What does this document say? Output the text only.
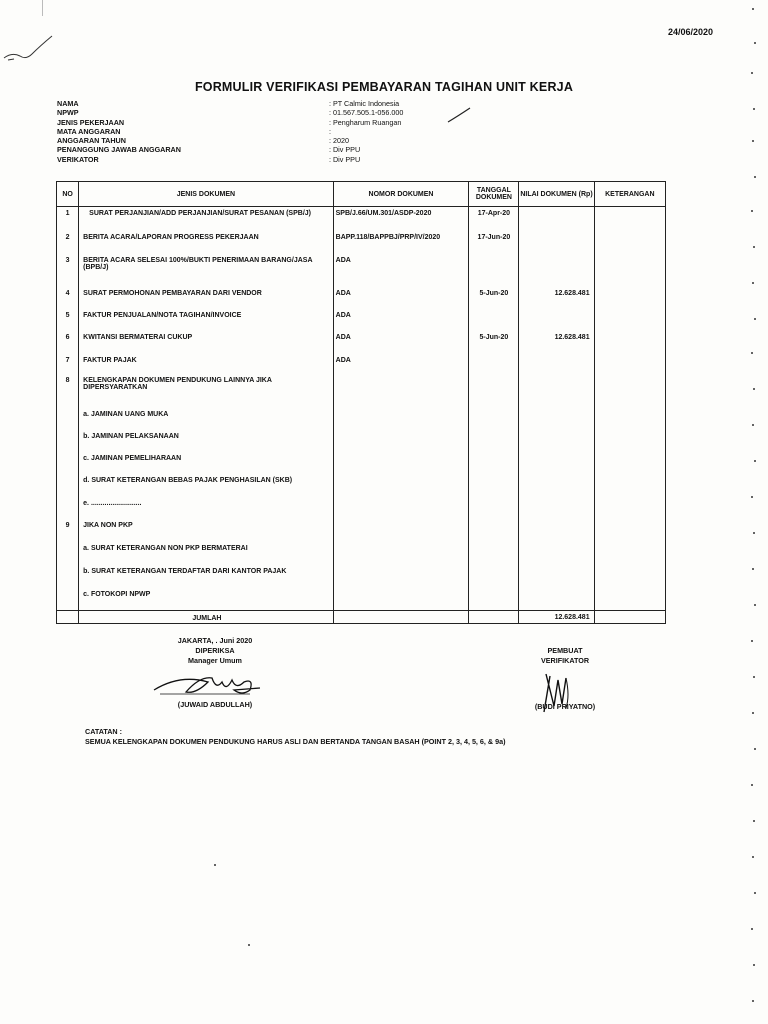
24/06/2020
FORMULIR VERIFIKASI PEMBAYARAN TAGIHAN UNIT KERJA
NAMA	: PT Calmic Indonesia
NPWP	: 01.567.505.1-056.000
JENIS PEKERJAAN	: Pengharum Ruangan
MATA ANGGARAN	:
ANGGARAN TAHUN	: 2020
PENANGGUNG JAWAB ANGGARAN	: Div PPU
VERIKATOR	: Div PPU
NO	JENIS DOKUMEN	NOMOR DOKUMEN	TANGGAL DOKUMEN	NILAI DOKUMEN (Rp)	KETERANGAN
1	SURAT PERJANJIAN/ADD PERJANJIAN/SURAT PESANAN (SPB/J)	SPB/J.66/UM.301/ASDP-2020	17-Apr-20		
2	BERITA ACARA/LAPORAN PROGRESS PEKERJAAN	BAPP.118/BAPPBJ/PRP/IV/2020	17-Jun-20		
3	BERITA ACARA SELESAI 100%/BUKTI PENERIMAAN BARANG/JASA (BPB/J)	ADA			
4	SURAT PERMOHONAN PEMBAYARAN DARI VENDOR	ADA	5-Jun-20	12.628.481	
5	FAKTUR PENJUALAN/NOTA TAGIHAN/INVOICE	ADA			
6	KWITANSI BERMATERAI CUKUP	ADA	5-Jun-20	12.628.481	
7	FAKTUR PAJAK	ADA			
8	KELENGKAPAN DOKUMEN PENDUKUNG LAINNYA JIKA DIPERSYARATKAN				
	a. JAMINAN UANG MUKA				
	b. JAMINAN PELAKSANAAN				
	c. JAMINAN PEMELIHARAAN				
	d. SURAT KETERANGAN BEBAS PAJAK PENGHASILAN (SKB)				
	e. ..........................				
9	JIKA NON PKP				
	a. SURAT KETERANGAN NON PKP BERMATERAI				
	b. SURAT KETERANGAN TERDAFTAR DARI KANTOR PAJAK				
	c. FOTOKOPI NPWP				
	JUMLAH			12.628.481	
JAKARTA, . Juni 2020
DIPERIKSA
Manager Umum
(JUWAID ABDULLAH)
PEMBUAT
VERIFIKATOR
(BUDI PRIYATNO)
CATATAN :
SEMUA KELENGKAPAN DOKUMEN PENDUKUNG HARUS ASLI DAN BERTANDA TANGAN BASAH (POINT 2, 3, 4, 5, 6, & 9a)
